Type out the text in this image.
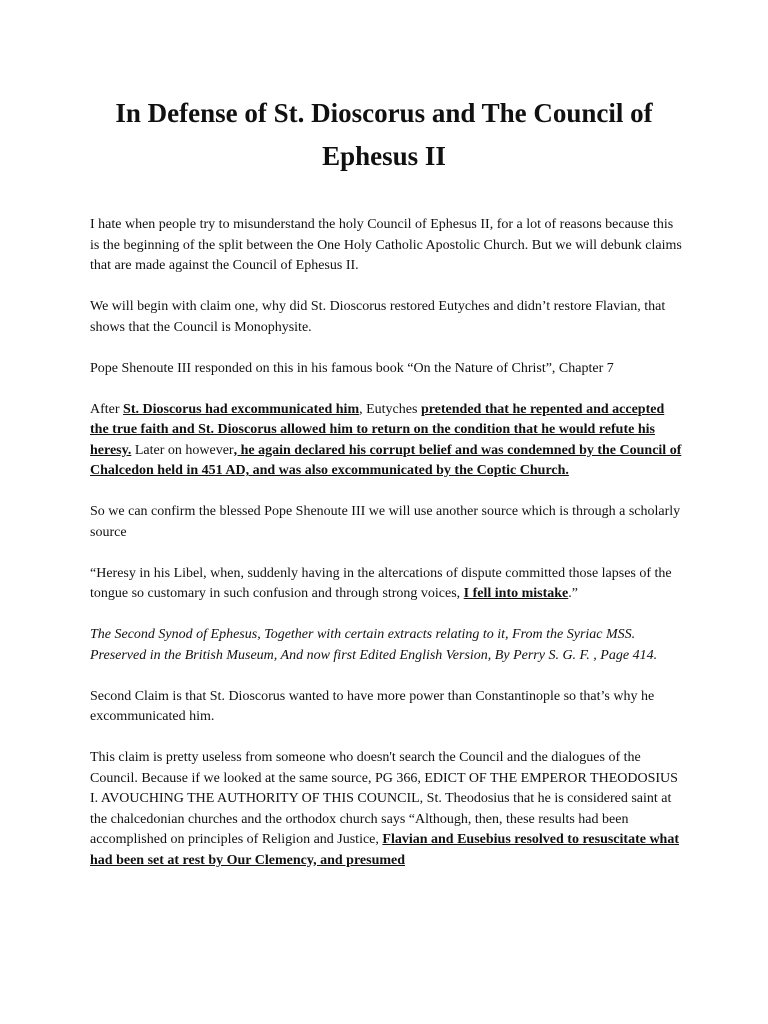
In Defense of St. Dioscorus and The Council of Ephesus II

I hate when people try to misunderstand the holy Council of Ephesus II, for a lot of reasons because this is the beginning of the split between the One Holy Catholic Apostolic Church. But we will debunk claims that are made against the Council of Ephesus II.

We will begin with claim one, why did St. Dioscorus restored Eutyches and didn’t restore Flavian, that shows that the Council is Monophysite.

Pope Shenoute III responded on this in his famous book “On the Nature of Christ”, Chapter 7

After St. Dioscorus had excommunicated him, Eutyches pretended that he repented and accepted the true faith and St. Dioscorus allowed him to return on the condition that he would refute his heresy. Later on however, he again declared his corrupt belief and was condemned by the Council of Chalcedon held in 451 AD, and was also excommunicated by the Coptic Church.

So we can confirm the blessed Pope Shenoute III we will use another source which is through a scholarly source

“Heresy in his Libel, when, suddenly having in the altercations of dispute committed those lapses of the tongue so customary in such confusion and through strong voices, I fell into mistake.”

The Second Synod of Ephesus, Together with certain extracts relating to it, From the Syriac MSS. Preserved in the British Museum, And now first Edited English Version, By Perry S. G. F. , Page 414.

Second Claim is that St. Dioscorus wanted to have more power than Constantinople so that’s why he excommunicated him.

This claim is pretty useless from someone who doesn't search the Council and the dialogues of the Council. Because if we looked at the same source, PG 366, EDICT OF THE EMPEROR THEODOSIUS I. AVOUCHING THE AUTHORITY OF THIS COUNCIL, St. Theodosius that he is considered saint at the chalcedonian churches and the orthodox church says “Although, then, these results had been accomplished on principles of Religion and Justice, Flavian and Eusebius resolved to resuscitate what had been set at rest by Our Clemency, and presumed
